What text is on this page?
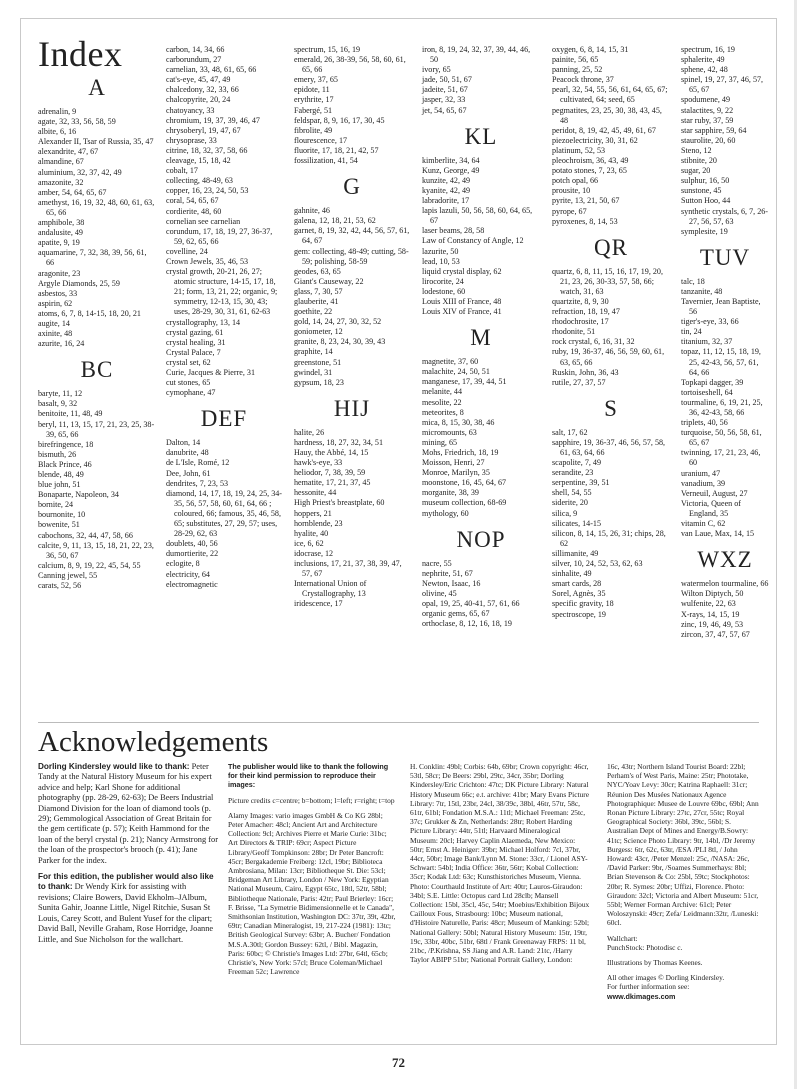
Index
A
adrenalin, 9
agate, 32, 33, 56, 58, 59
albite, 6, 16
Alexander II, Tsar of Russia, 35, 47
alexandrite, 47, 67
almandine, 67
aluminium, 32, 37, 42, 49
amazonite, 32
amber, 54, 64, 65, 67
amethyst, 16, 19, 32, 48, 60, 61, 63, 65, 66
amphibole, 38
andalusite, 49
apatite, 9, 19
aquamarine, 7, 32, 38, 39, 56, 61, 66
aragonite, 23
Argyle Diamonds, 25, 59
asbestos, 33
aspirin, 62
atoms, 6, 7, 8, 14-15, 18, 20, 21
augite, 14
axinite, 48
azurite, 16, 24
BC
baryte, 11, 12
basalt, 9, 32
benitoite, 11, 48, 49
beryl, 11, 13, 15, 17, 21, 23, 25, 38-39, 65, 66
birefringence, 18
bismuth, 26
Black Prince, 46
blende, 48, 49
blue john, 51
Bonaparte, Napoleon, 34
bornite, 24
bournonite, 10
bowenite, 51
cabochons, 32, 44, 47, 58, 66
calcite, 9, 11, 13, 15, 18, 21, 22, 23, 36, 50, 67
calcium, 8, 9, 19, 22, 45, 54, 55
Canning jewel, 55
carats, 52, 56
carbon, 14, 34, 66
carborundum, 27
carnelian, 33, 48, 61, 65, 66
cat's-eye, 45, 47, 49
chalcedony, 32, 33, 66
chalcopyrite, 20, 24
chatoyancy, 33
chromium, 19, 37, 39, 46, 47
chrysoberyl, 19, 47, 67
chrysoprase, 33
citrine, 18, 32, 37, 58, 66
cleavage, 15, 18, 42
cobalt, 17
collecting, 48-49, 63
copper, 16, 23, 24, 50, 53
coral, 54, 65, 67
cordierite, 48, 60
cornelian see carnelian
corundum, 17, 18, 19, 27, 36-37, 59, 62, 65, 66
covelline, 24
Crown Jewels, 35, 46, 53
crystal growth, 20-21, 26, 27; atomic structure, 14-15, 17, 18, 21; form, 13, 21, 22; organic, 9; symmetry, 12-13, 15, 30, 43; uses, 28-29, 30, 31, 61, 62-63
crystallography, 13, 14
crystal gazing, 61
crystal healing, 31
Crystal Palace, 7
crystal set, 62
Curie, Jacques & Pierre, 31
cut stones, 65
cymophane, 47
DEF
Dalton, 14
danubrite, 48
de L'Isle, Romé, 12
Dee, John, 61
dendrites, 7, 23, 53
diamond, 14, 17, 18, 19, 24, 25, 34-35, 56, 57, 58, 60, 61, 64, 66 ; coloured, 66; famous, 35, 46, 58, 65; substitutes, 27, 29, 57; uses, 28-29, 62, 63
doublets, 40, 56
dumortierite, 22
eclogite, 8
electricity, 64
electromagnetic
spectrum, 15, 16, 19
emerald, 26, 38-39, 56, 58, 60, 61, 65, 66
emery, 37, 65
epidote, 11
erythrite, 17
Fabergé, 51
feldspar, 8, 9, 16, 17, 30, 45
fibrolite, 49
flourescence, 17
fluorite, 17, 18, 21, 42, 57
fossilization, 41, 54
G
gahnite, 46
galena, 12, 18, 21, 53, 62
garnet, 8, 19, 32, 42, 44, 56, 57, 61, 64, 67
gem: collecting, 48-49; cutting, 58-59; polishing, 58-59
geodes, 63, 65
Giant's Causeway, 22
glass, 7, 30, 57
glauberite, 41
goethite, 22
gold, 14, 24, 27, 30, 32, 52
goniometer, 12
granite, 8, 23, 24, 30, 39, 43
graphite, 14
greenstone, 51
gwindel, 31
gypsum, 18, 23
HIJ
halite, 26
hardness, 18, 27, 32, 34, 51
Hauy, the Abbé, 14, 15
hawk's-eye, 33
heliodor, 7, 38, 39, 59
hematite, 17, 21, 37, 45
hessonite, 44
High Priest's breastplate, 60
hoppers, 21
hornblende, 23
hyalite, 40
ice, 6, 62
idocrase, 12
inclusions, 17, 21, 37, 38, 39, 47, 57, 67
International Union of Crystallography, 13
iridescence, 17
iron, 8, 19, 24, 32, 37, 39, 44, 46, 50
ivory, 65
jade, 50, 51, 67
jadeite, 51, 67
jasper, 32, 33
jet, 54, 65, 67
KL
kimberlite, 34, 64
Kunz, George, 49
kunzite, 42, 49
kyanite, 42, 49
labradorite, 17
lapis lazuli, 50, 56, 58, 60, 64, 65, 67
laser beams, 28, 58
Law of Constancy of Angle, 12
lazurite, 50
lead, 10, 53
liquid crystal display, 62
lirocorite, 24
lodestone, 60
Louis XIII of France, 48
Louis XIV of France, 41
M
magnetite, 37, 60
malachite, 24, 50, 51
manganese, 17, 39, 44, 51
melanite, 44
mesolite, 22
meteorites, 8
mica, 8, 15, 30, 38, 46
micromounts, 63
mining, 65
Mohs, Friedrich, 18, 19
Moisson, Henri, 27
Monroe, Marilyn, 35
moonstone, 16, 45, 64, 67
morganite, 38, 39
museum collection, 68-69
mythology, 60
NOP
nacre, 55
nephrite, 51, 67
Newton, Isaac, 16
olivine, 45
opal, 19, 25, 40-41, 57, 61, 66
organic gems, 65, 67
orthoclase, 8, 12, 16, 18, 19
oxygen, 6, 8, 14, 15, 31
painite, 56, 65
panning, 25, 52
Peacock throne, 37
pearl, 32, 54, 55, 56, 61, 64, 65, 67; cultivated, 64; seed, 65
pegmatites, 23, 25, 30, 38, 43, 45, 48
peridot, 8, 19, 42, 45, 49, 61, 67
piezoelectricity, 30, 31, 62
platinum, 52, 53
pleochroism, 36, 43, 49
potato stones, 7, 23, 65
potch opal, 66
prousite, 10
pyrite, 13, 21, 50, 67
pyrope, 67
pyroxenes, 8, 14, 53
QR
quartz, 6, 8, 11, 15, 16, 17, 19, 20, 21, 23, 26, 30-33, 57, 58, 66; watch, 31, 63
quartzite, 8, 9, 30
refraction, 18, 19, 47
rhodochrosite, 17
rhodonite, 51
rock crystal, 6, 16, 31, 32
ruby, 19, 36-37, 46, 56, 59, 60, 61, 63, 65, 66
Ruskin, John, 36, 43
rutile, 27, 37, 57
S
salt, 17, 62
sapphire, 19, 36-37, 46, 56, 57, 58, 61, 63, 64, 66
scapolite, 7, 49
serandite, 23
serpentine, 39, 51
shell, 54, 55
siderite, 20
silica, 9
silicates, 14-15
silicon, 8, 14, 15, 26, 31; chips, 28, 62
sillimanite, 49
silver, 10, 24, 52, 53, 62, 63
sinhalite, 49
smart cards, 28
Sorel, Agnès, 35
specific gravity, 18
spectroscope, 19
spectrum, 16, 19
sphalerite, 49
sphene, 42, 48
spinel, 19, 27, 37, 46, 57, 65, 67
spodumene, 49
stalactites, 9, 22
star ruby, 37, 59
star sapphire, 59, 64
staurolite, 20, 60
Steno, 12
stibnite, 20
sugar, 20
sulphur, 16, 50
sunstone, 45
Sutton Hoo, 44
synthetic crystals, 6, 7, 26-27, 56, 57, 63
symplesite, 19
TUV
talc, 18
tanzanite, 48
Tavernier, Jean Baptiste, 56
tiger's-eye, 33, 66
tin, 24
titanium, 32, 37
topaz, 11, 12, 15, 18, 19, 25, 42-43, 56, 57, 61, 64, 66
Topkapi dagger, 39
tortoiseshell, 64
tourmaline, 6, 19, 21, 25, 36, 42-43, 58, 66
triplets, 40, 56
turquoise, 50, 56, 58, 61, 65, 67
twinning, 17, 21, 23, 46, 60
uranium, 47
vanadium, 39
Verneuil, August, 27
Victoria, Queen of England, 35
vitamin C, 62
van Laue, Max, 14, 15
WXZ
watermelon tourmaline, 66
Wilton Diptych, 50
wulfenite, 22, 63
X-rays, 14, 15, 19
zinc, 19, 46, 49, 53
zircon, 37, 47, 57, 67
Acknowledgements

Dorling Kindersley would like to thank: Peter Tandy at the Natural History Museum for his expert advice and help; Karl Shone for additional photography (pp. 28-29, 62-63); De Beers Industrial Diamond Division for the loan of diamond tools (p. 29); Gemmological Association of Great Britain for the gem certificate (p. 57); Keith Hammond for the loan of the beryl crystal (p. 21); Nancy Armstrong for the loan of the prospector's brooch (p. 41); Jane Parker for the index.

For this edition, the publisher would also like to thank: Dr Wendy Kirk for assisting with revisions; Claire Bowers, David Ekholm–JAlbum, Sunita Gahir, Joanne Little, Nigel Ritchie, Susan St Louis, Carey Scott, and Bulent Yusef for the clipart; David Ball, Neville Graham, Rose Horridge, Joanne Little, and Sue Nicholson for the wallchart.

The publisher would like to thank the following for their kind permission to reproduce their images:

Picture credits c=centre; b=bottom; l=left; r=right; t=top

Alamy Images: vario images GmbH & Co KG 28bl; Peter Amacher: 48cl; Ancient Art and Architecture Collection: 9cl; Archives Pierre et Marie Curie: 31bc; Art Directors & TRIP: 69cr; Aspect Picture Library/Geoff Tompkinson: 28br; Dr Peter Bancroft: 45cr; Bergakademie Freiberg: 12cl, 19br; Biblioteca Ambrosiana, Milan: 13cr; Bibliotheque St. Die: 53cl; Bridgeman Art Library, London / New York: Egyptian National Museum, Cairo, Egypt 65tc, 18tl, 52tr, 58bl; Bibliotheque Nationale, Paris: 42tr; Paul Brierley: 16cr; F. Brisse, "La Symetrie Bidimensionnelle et le Canada", Smithsonian Institution, Washington DC: 37tr, 39t, 42br, 69tr; Canadian Mineralogist, 19, 217-224 (1981): 13tc; British Geological Survey: 63br; A. Bucher/ Fondation M.S.A.30tl; Gordon Bussey: 62tl, / Bibl. Magazin, Paris: 60bc; © Christie's Images Ltd: 27br, 64tl, 65cb; Christie's, New York: 57cl; Bruce Coleman/Michael Freeman 52c; Lawrence

H. Conklin: 49bl; Corbis: 64b, 69br; Crown copyright: 46cr, 53tl, 58cr; De Beers: 29bl, 29tc, 34cr, 35br; Dorling Kindersley/Eric Crichton: 47tc; DK Picture Library: Natural History Museum 66c; e.t. archive: 41br; Mary Evans Picture Library: 7tr, 15tl, 23br, 24cl, 38/39c, 38bl, 46tr, 57tr, 58c, 61tr, 61bl; Fondation M.S.A.: 11tl; Michael Freeman: 25tc, 37c; Grukker & Zn, Netherlands: 28tr; Robert Harding Picture Library: 44tr, 51tl; Harvaard Mineralogical Museum: 20cl; Harvey Caplin Alaemeda, New Mexico: 50tr; Ernst A. Heiniger: 39br; Michael Holford: 7cl, 37br, 44cr, 50br; Image Bank/Lynn M. Stone: 33cr, / Lionel ASY-Schwart: 54bl; India Office: 36tr, 56tr; Kobal Collection: 35cr; Kodak Ltd: 63c; Kunsthistoriches Museum, Vienna. Photo: Courthauld Institute of Art: 40tr; Lauros-Giraudon: 34bl; S.E. Little: Octopus card Ltd 28clb; Mansell Collection: 15bl, 35cl, 45c, 54tr; Moebius/Exhibition Bijoux Cailloux Fous, Strasbourg: 10bc; Museum national, d'Histoire Naturelle, Paris: 48cr; Museum of Manking: 52bl; National Gallery: 50bl; Natural History Museum: 15tr, 19tr, 19c, 33br, 40bc, 51br, 68tl / Frank Greenaway FRPS: 11 bl, 21bc, /P.Krishna, SS Jiang and A.R. Land: 21tc, /Harry Taylor ABIPP 51br; National Portrait Gallery, London:

16c, 43tr; Northern Island Tourist Board: 22bl; Perham's of West Paris, Maine: 25tr; Phototake, NYC/Yoav Levy: 30cr; Katrina Raphaell: 31cr; Réunion Des Musées Nationaux Agence Photographique: Musee de Louvre 69bc, 69bl; Ann Ronan Picture Library: 27tc, 27cr, 55tc; Royal Geographical Society: 36bl, 39tc, 56bl; S. Australian Dept of Mines and Energy/B.Sowry: 41tc; Science Photo Library: 9tr, 14bl, /Dr Jeremy Burgess: 6tr, 62c, 63tr, /ESA /PLI 8tl, / John Howard: 43cr, /Peter Menzel: 25c, /NASA: 26c, /David Parker: 9br, /Soames Summerhays: 8bl; Brian Stevenson & Co: 25bl, 59tc; Stockphotos: 20br; R. Symes: 20br; Uffizi, Florence. Photo: Giraudon: 32cl; Victoria and Albert Museum: 51cr, 55bl; Werner Forman Archive: 61cl; Peter Woloszynski: 49cr; Zefa/ Leidmann:32tr, /Luneski: 60cl.

Wallchart:
PunchStock: Photodisc c.

Illustrations by Thomas Keenes.

All other images © Dorling Kindersley.
For further information see:
www.dkimages.com

72
